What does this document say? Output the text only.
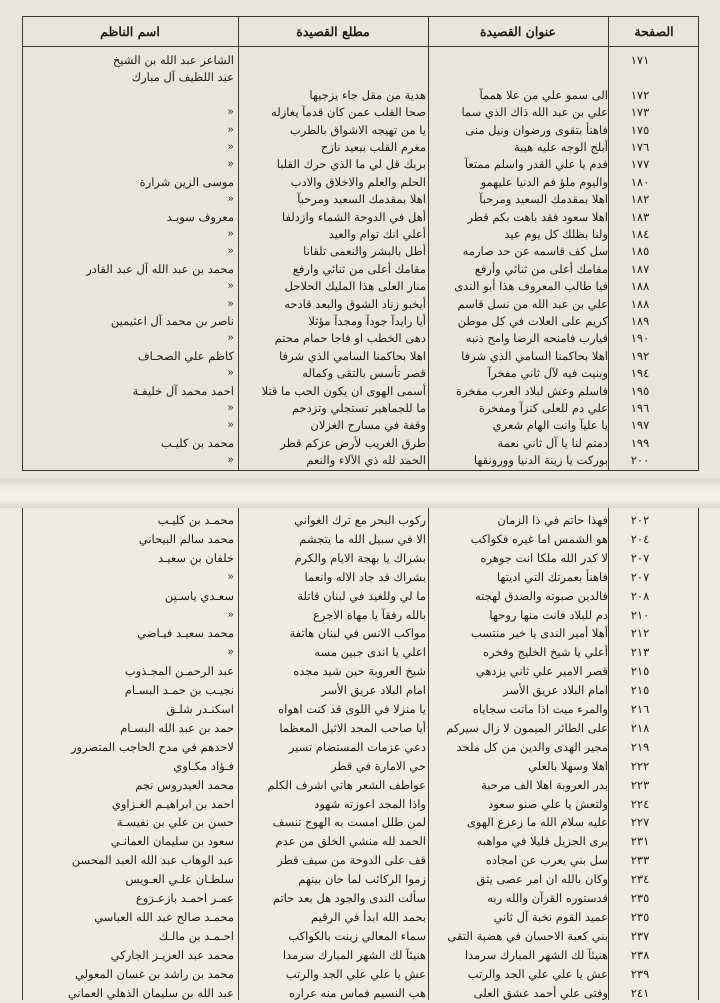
الصفحة
عنوان القصيدة
مطلع القصيدة
اسم الناظم
١٧١
الشاعر عبد الله بن الشيخ
عبد اللطيف آل مبارك
١٧٢
الى سمو علي من علا هممآ
هدية من مقل جاء يزجيها
١٧٣
علي بن عبد الله ذاك الذي سما
صحا القلب عمن كان قدمآ يغازله
«
١٧٥
فاهنأ بتقوى ورضوان ونيل منى
يا من تهيجه الاشواق بالطرب
«
١٧٦
أبلج الوجه عليه هيبة
مغرم القلب ببعيد نازح
«
١٧٧
فدم يا علي القدر واسلم ممتعآ
بربك قل لي ما الذي حرك القلبا
«
١٨٠
واليوم ملؤ فم الدنيا عليهمو
الحلم والعلم والاخلاق والادب
موسى الزين شرارة
١٨٢
اهلا بمقدمك السعيد ومرحبآ
اهلا بمقدمك السعيد ومرحبآ
«
١٨٣
اهلا سعود فقد باهت بكم قطر
أهل في الدوحة الشماء وازدلفا
معروف سويـد
١٨٤
ولنا بظلك كل يوم عيد
أعلي انك توام والعيد
«
١٨٥
سل كف قاسمه عن حد صارمه
أطل بالبشر والنعمى تلقانا
«
١٨٧
مقامك أعلى من ثنائي وأرفع
مقامك أعلى من ثنائي وارفع
محمد بن عبد الله آل عبد القادر
١٨٨
فيا طالب المعروف هذا أبو الندى
منار العلى هذا المليك الحلاحل
«
١٨٨
علي بن عبد الله من نسل قاسم
أيخبو زناد الشوق والبعد قادحه
«
١٨٩
كريم على العلات في كل موطن
أيا رايدآ جودآ ومجدآ مؤثلا
ناصر بن محمد آل اعثيمين
١٩٠
فيارب فامنحه الرضا وامح ذنبه
دهى الخطب او فاجا حمام محتم
«
١٩٢
اهلا بحاكمنا السامي الذي شرفا
اهلا بحاكمنا السامي الذي شرفا
كاظم علي الصحـاف
١٩٤
وبنيت فيه لآل ثاني مفخرآ
قصر تأسس بالتقى وكماله
«
١٩٥
فاسلم وعش لبلاد العرب مفخرة
أسمى الهوى ان يكون الحب ما قتلا
احمد محمد آل خليفـة
١٩٦
علي دم للعلى كنزآ ومفخرة
ما للجماهير تستجلي وتزدحم
«
١٩٧
يا عليآ وانت الهام شعري
وقفة في مسارح الغزلان
«
١٩٩
دمتم لنا يا آل ثاني نعمة
طرق الغريب لأرض عزكم قطر
محمد بن كليـب
٢٠٠
بوركت يا زينة الدنيا وورونقها
الحمد لله ذي الآلاء والنعم
«
٢٠٢
فهذا حاتم في ذا الزمان
ركوب البحر مع ترك الغواني
محمـد بن كليـب
٢٠٤
هو الشمس اما غيره فكواكب
الا في سبيل الله ما يتجشم
محمد سالم البيحاني
٢٠٧
لا كدر الله ملكا انت جوهره
بشراك يا بهجة الايام والكرم
خلفان بن سعيـد
٢٠٧
فاهنأ بعمرتك التي اديتها
بشراك قد جاد الاله وانعما
«
٢٠٨
فالدين صبوته والصدق لهجته
ما لي وللغيد في لبنان قاتلة
سعـدي ياسـين
٢١٠
دم للبلاد فانت منها روحها
بالله رفقآ يا مهاة الاجرع
«
٢١٢
أهلا أمير الندى يا خير منتسب
مواكب الانس في لبنان هاتفة
محمد سعيـد فيـاضي
٢١٣
أعلي يا شيخ الخليج وفخره
اعلي يا اندى جبين مسه
«
٢١٥
قصر الامير علي ثاني يزدهي
شيخ العروبة حين شيد مجده
عبد الرحمـن المجـذوب
٢١٥
امام البلاد عريق الأسر
امام البلاد عريق الأسر
نجيـب بن حمـد البسـام
٢١٦
والمرء ميت اذا ماتت سجاياه
يا منزلا في اللوى قد كنت اهواه
اسكنـدر شلـق
٢١٨
على الطائر الميمون لا زال سيركم
أيا صاحب المجد الاثيل المعظما
حمد بن عبد الله البسـام
٢١٩
مجير الهدى والدين من كل ملحد
دعي عزمات المستضام تسير
لاحدهم في مدح الحاجب المتصرور
٢٢٢
اهلا وسهلا بالعلي
حي الامارة في قطر
فـؤاد مكـاوي
٢٢٣
بدر العروبة اهلا الف مرحبة
عواطف الشعر هاتي اشرف الكلم
محمد العيدروس نجم
٢٢٤
ولتعش يا علي صنو سعود
واذا المجد اعوزته شهود
احمد بن ابراهيـم الغـزاوي
٢٢٧
عليه سلام الله ما زعزع الهوى
لمن طلل امست به الهوج تنسف
حسن بن علي بن نفيسـة
٢٣١
يرى الجزيل قليلا في مواهبه
الحمد لله منشي الخلق من عدم
سعود بن سليمان العمانـي
٢٣٣
سل بني يعرب عن امجاده
قف على الدوحة من سيف قطر
عبد الوهاب عبد الله العبد المحسن
٢٣٤
وكان بالله ان امر عصى يثق
زموا الركائب لما حان بينهم
سلطـان علـي العـويس
٢٣٥
فدستوره القرآن والله ربه
سألت الندى والجود هل بعد حاتم
عمـر احمـد بازعـزوع
٢٣٥
عميد القوم نخبة آل ثاني
بحمد الله ابدأ في الرقيم
محمـد صالح عبد الله العباسي
٢٣٧
بني كعبة الاحسان في هضبة التقى
سماء المعالي زينت بالكواكب
احـمـد بن مالـك
٢٣٨
هنيئآ لك الشهر المبارك سرمدا
هنيئآ لك الشهر المبارك سرمدا
محمد عبد العزيـز الجاركي
٢٣٩
عش يا علي علي الجد والرتب
عش يا علي علي الجد والرتب
محمد بن راشد بن غسان المعولي
٢٤١
وفتى علي أحمد عشق العلى
هب النسيم فماس منه عراره
عبد الله بن سليمان الذهلي العماني
